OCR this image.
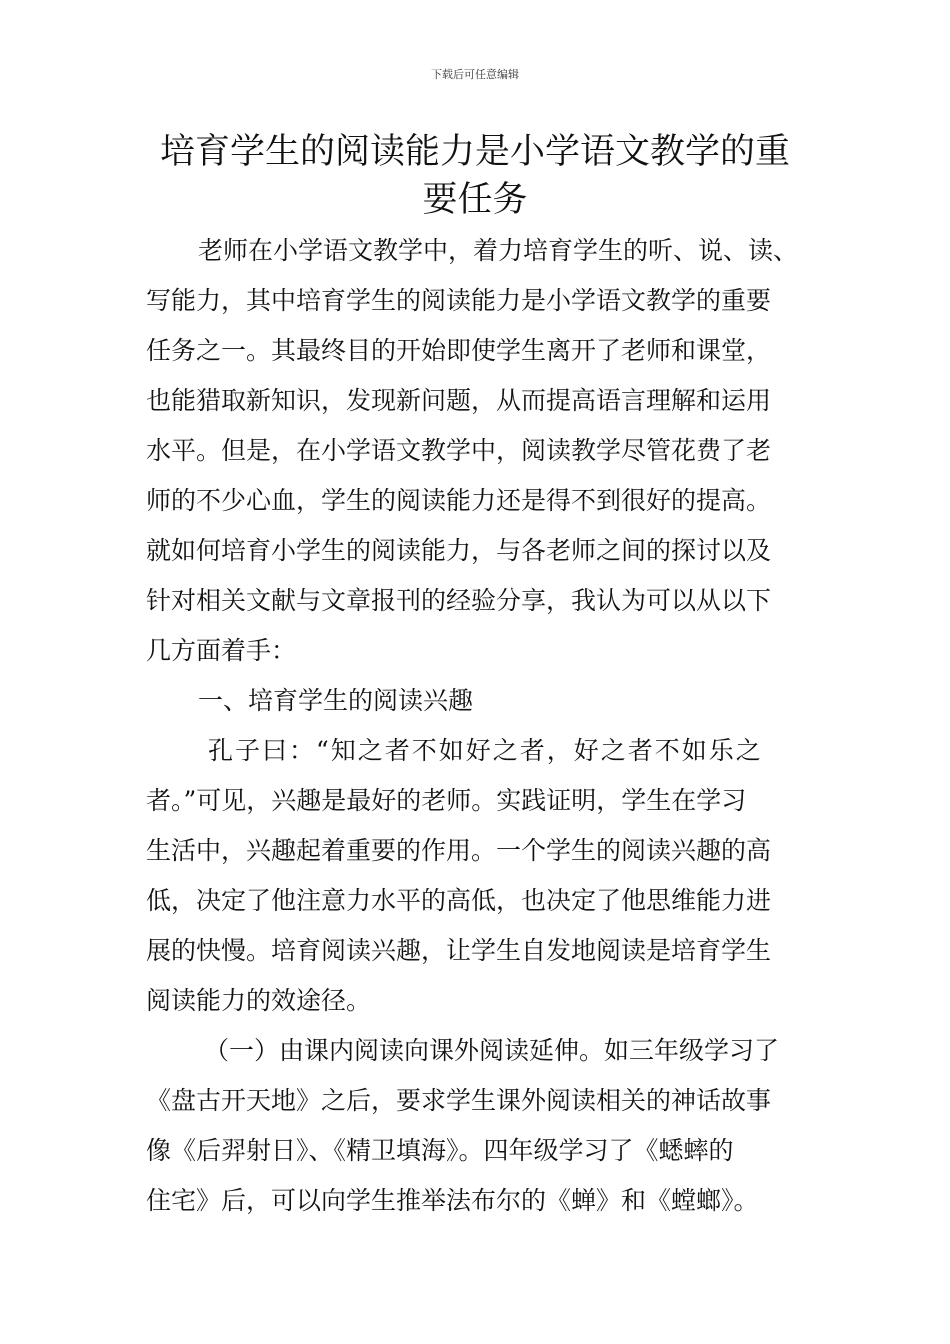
下载后可任意编辑
培育学生的阅读能力是小学语文教学的重
要任务
老师在小学语文教学中，着力培育学生的听、说、读、
写能力，其中培育学生的阅读能力是小学语文教学的重要
任务之一。其最终目的开始即使学生离开了老师和课堂，
也能猎取新知识，发现新问题，从而提高语言理解和运用
水平。但是，在小学语文教学中，阅读教学尽管花费了老
师的不少心血，学生的阅读能力还是得不到很好的提高。
就如何培育小学生的阅读能力，与各老师之间的探讨以及
针对相关文献与文章报刊的经验分享，我认为可以从以下
几方面着手：
一、培育学生的阅读兴趣
孔子曰：“知之者不如好之者，好之者不如乐之
者。”可见，兴趣是最好的老师。实践证明，学生在学习
生活中，兴趣起着重要的作用。一个学生的阅读兴趣的高
低，决定了他注意力水平的高低，也决定了他思维能力进
展的快慢。培育阅读兴趣，让学生自发地阅读是培育学生
阅读能力的效途径。
（一）由课内阅读向课外阅读延伸。如三年级学习了
《盘古开天地》之后，要求学生课外阅读相关的神话故事
像《后羿射日》、《精卫填海》。四年级学习了《蟋蟀的
住宅》后，可以向学生推举法布尔的《蝉》和《螳螂》。
